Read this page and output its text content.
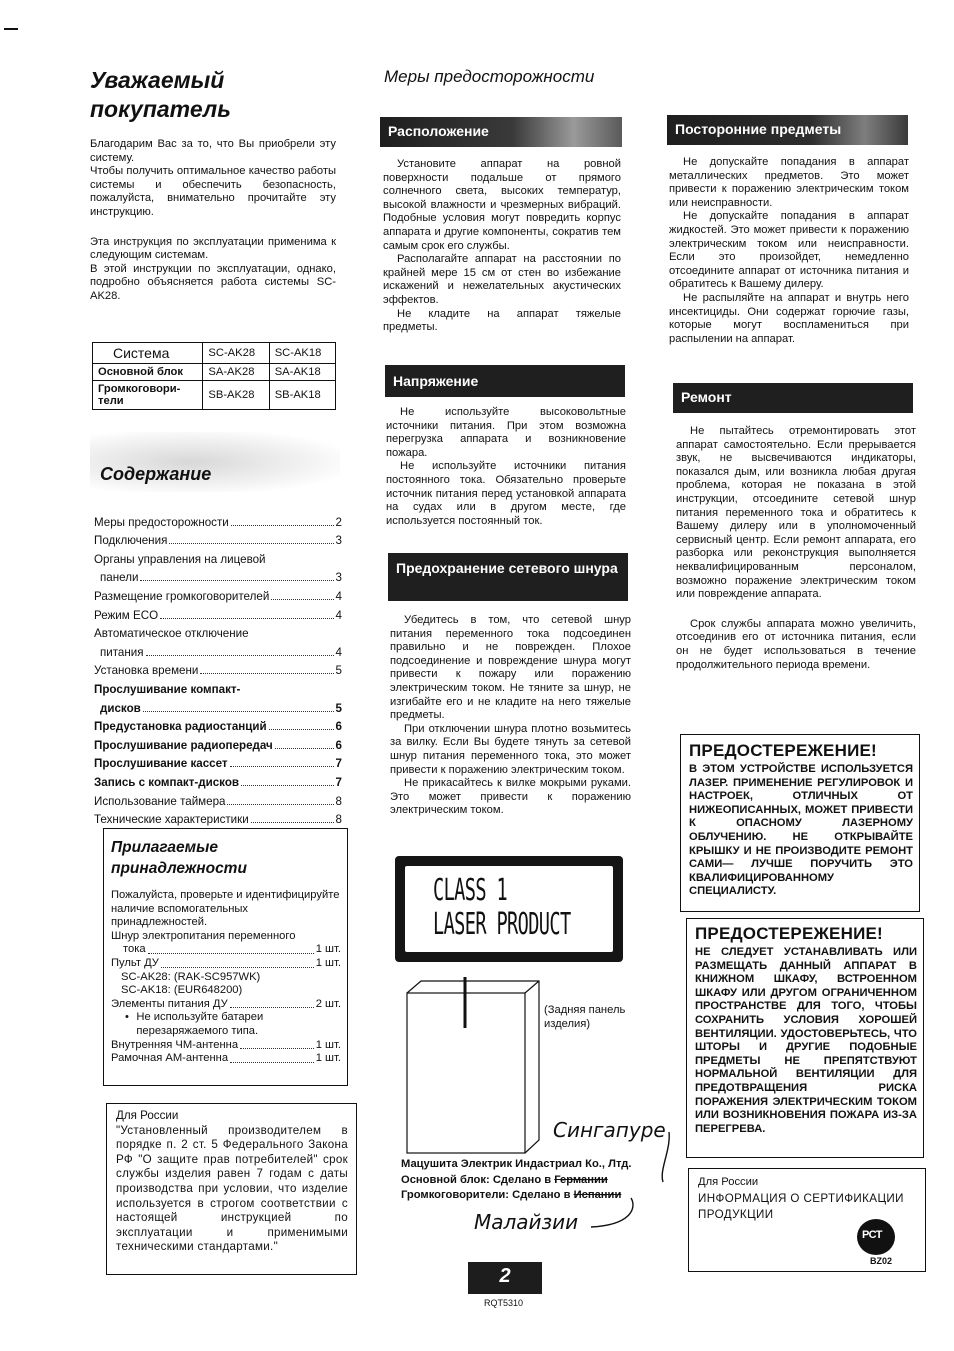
Уважаемый покупатель

Благодарим Вас за то, что Вы приобрели эту систему.

Чтобы получить оптимальное качество работы системы и обеспечить безопасность, пожалуйста, внимательно прочитайте эту инструкцию.

Эта инструкция по эксплуатации применима к следующим системам.

В этой инструкции по эксплуатации, однако, подробно объясняется работа системы SC-AK28.

Система	SC-AK28	SC-AK18
Основной блок	SA-AK28	SA-AK18
Громкоговори-
тели	SB-AK28	SB-AK18
Содержание
Меры предосторожности	2
Подключения	3
Органы управления на лицевой
панели	3
Размещение громкоговорителей	4
Режим ECO	4
Автоматическое отключение
питания	4
Установка времени	5
Прослушивание компакт-
дисков	5
Предустановка радиостанций	6
Прослушивание радиопередач	6
Прослушивание кассет	7
Запись с компакт-дисков	7
Использование таймера	8
Технические характеристики	8
Прилагаемые принадлежности

Пожалуйста, проверьте и идентифицируйте наличие вспомогательных принадлежностей.

Шнур электропитания переменного

тока	1 шт.
Пульт ДУ	1 шт.

SC-AK28: (RAK-SC957WK)

SC-AK18: (EUR648200)

Элементы питания ДУ	2 шт.
• Не используйте батареи перезаряжаемого типа.
Внутренняя ЧМ-антенна	1 шт.
Рамочная АМ-антенна	1 шт.

Для России

"Установленный производителем в порядке п. 2 ст. 5 Федерального Закона РФ "О защите прав потребителей" срок службы изделия равен 7 годам с даты производства при условии, что изделие используется в строгом соответствии с настоящей инструкцией по эксплуатации и применимыми техническими стандартами."

Меры предосторожности
Расположение

Установите аппарат на ровной поверхности подальше от прямого солнечного света, высоких температур, высокой влажности и чрезмерных вибраций. Подобные условия могут повредить корпус аппарата и другие компоненты, сократив тем самым срок его службы.

Располагайте аппарат на расстоянии по крайней мере 15 см от стен во избежание искажений и нежелательных акустических эффектов.

Не кладите на аппарат тяжелые предметы.

Напряжение

Не используйте высоковольтные источники питания. При этом возможна перегрузка аппарата и возникновение пожара.

Не используйте источники питания постоянного тока. Обязательно проверьте источник питания перед установкой аппарата на судах или в другом месте, где используется постоянный ток.

Предохранение сетевого шнура

Убедитесь в том, что сетевой шнур питания переменного тока подсоединен правильно и не поврежден. Плохое подсоединение и повреждение шнура могут привести к пожару или поражению электрическим током. Не тяните за шнур, не изгибайте его и не кладите на него тяжелые предметы.

При отключении шнура плотно возьмитесь за вилку. Если Вы будете тянуть за сетевой шнур питания переменного тока, это может привести к поражению электрическим током.

Не прикасайтесь к вилке мокрыми руками. Это может привести к поражению электрическим током.

CLASS 1
LASER PRODUCT
(Задняя панель изделия)
Сингапуре
Мацушита Электрик Индастриал Ко., Лтд.
Основной блок: Сделано в Германии
Громкоговорители: Сделано в Испании
Малайзии
2
RQT5310
Посторонние предметы

Не допускайте попадания в аппарат металлических предметов. Это может привести к поражению электрическим током или неисправности.

Не допускайте попадания в аппарат жидкостей. Это может привести к поражению электрическим током или неисправности. Если это произойдет, немедленно отсоедините аппарат от источника питания и обратитесь к Вашему дилеру.

Не распыляйте на аппарат и внутрь него инсектициды. Они содержат горючие газы, которые могут воспламениться при распылении на аппарат.

Ремонт

Не пытайтесь отремонтировать этот аппарат самостоятельно. Если прерывается звук, не высвечиваются индикаторы, показался дым, или возникла любая другая проблема, которая не показана в этой инструкции, отсоедините сетевой шнур питания переменного тока и обратитесь к Вашему дилеру или в уполномоченный сервисный центр. Если ремонт аппарата, его разборка или реконструкция выполняется неквалифицированным персоналом, возможно поражение электрическим током или повреждение аппарата.

Срок службы аппарата можно увеличить, отсоединив его от источника питания, если он не будет использоваться в течение продолжительного периода времени.

ПРЕДОСТЕРЕЖЕНИЕ!
В ЭТОМ УСТРОЙСТВЕ ИСПОЛЬЗУЕТСЯ ЛАЗЕР. ПРИМЕНЕНИЕ РЕГУЛИРОВОК И НАСТРОЕК, ОТЛИЧНЫХ ОТ НИЖЕОПИСАННЫХ, МОЖЕТ ПРИВЕСТИ К ОПАСНОМУ ЛАЗЕРНОМУ ОБЛУЧЕНИЮ. НЕ ОТКРЫВАЙТЕ КРЫШКУ И НЕ ПРОИЗВОДИТЕ РЕМОНТ САМИ— ЛУЧШЕ ПОРУЧИТЬ ЭТО КВАЛИФИЦИРОВАННОМУ СПЕЦИАЛИСТУ.
ПРЕДОСТЕРЕЖЕНИЕ!
НЕ СЛЕДУЕТ УСТАНАВЛИВАТЬ ИЛИ РАЗМЕЩАТЬ ДАННЫЙ АППАРАТ В КНИЖНОМ ШКАФУ, ВСТРОЕННОМ ШКАФУ ИЛИ ДРУГОМ ОГРАНИЧЕННОМ ПРОСТРАНСТВЕ ДЛЯ ТОГО, ЧТОБЫ СОХРАНИТЬ УСЛОВИЯ ХОРОШЕЙ ВЕНТИЛЯЦИИ. УДОСТОВЕРЬТЕСЬ, ЧТО ШТОРЫ И ДРУГИЕ ПОДОБНЫЕ ПРЕДМЕТЫ НЕ ПРЕПЯТСТВУЮТ НОРМАЛЬНОЙ ВЕНТИЛЯЦИИ ДЛЯ ПРЕДОТВРАЩЕНИЯ РИСКА ПОРАЖЕНИЯ ЭЛЕКТРИЧЕСКИМ ТОКОМ ИЛИ ВОЗНИКНОВЕНИЯ ПОЖАРА ИЗ-ЗА ПЕРЕГРЕВА.
Для России
ИНФОРМАЦИЯ О СЕРТИФИКАЦИИ ПРОДУКЦИИ
РСТ
BZ02
